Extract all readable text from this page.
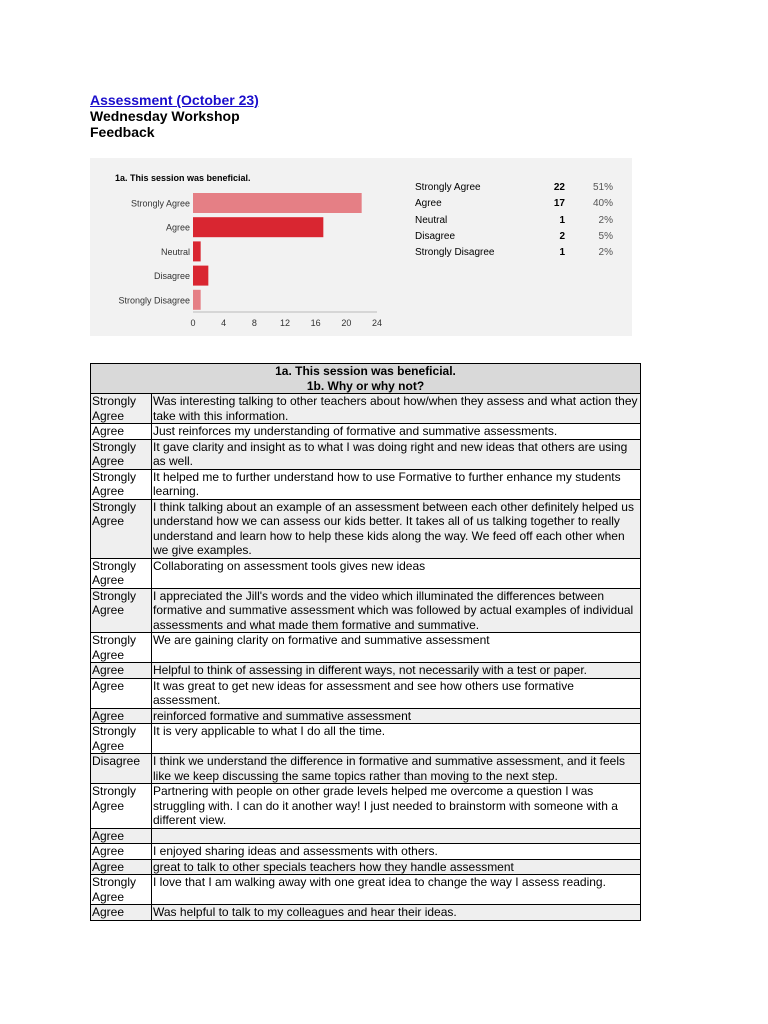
Assessment (October 23)
Wednesday Workshop
Feedback
1a. This session was beneficial.
Strongly Agree
Agree
Neutral
Disagree
Strongly Disagree
0	4	8	12 16 20 24
Strongly Agree	22	51%
Agree	17	40%
Neutral	1	2%
Disagree	2	5%
Strongly Disagree	1	2%
1a. This session was beneficial.
1b. Why or why not?	

Strongly Agree	Was interesting talking to other teachers about how/when they assess and what action they take with this information.
Agree	Just reinforces my understanding of formative and summative assessments.
Strongly Agree	It gave clarity and insight as to what I was doing right and new ideas that others are using as well.
Strongly Agree	It helped me to further understand how to use Formative to further enhance my students learning.
Strongly Agree	I think talking about an example of an assessment between each other definitely helped us understand how we can assess our kids better. It takes all of us talking together to really understand and learn how to help these kids along the way. We feed off each other when we give examples.
Strongly Agree	Collaborating on assessment tools gives new ideas
Strongly Agree	I appreciated the Jill's words and the video which illuminated the differences between formative and summative assessment which was followed by actual examples of individual assessments and what made them formative and summative.
Strongly Agree	We are gaining clarity on formative and summative assessment
Agree	Helpful to think of assessing in different ways, not necessarily with a test or paper.
Agree	It was great to get new ideas for assessment and see how others use formative assessment.
Agree	reinforced formative and summative assessment
Strongly Agree	It is very applicable to what I do all the time.
Disagree	I think we understand the difference in formative and summative assessment, and it feels like we keep discussing the same topics rather than moving to the next step.
Strongly Agree	Partnering with people on other grade levels helped me overcome a question I was struggling with. I can do it another way! I just needed to brainstorm with someone with a different view.
Agree	
Agree	I enjoyed sharing ideas and assessments with others.
Agree	great to talk to other specials teachers how they handle assessment
Strongly Agree	I love that I am walking away with one great idea to change the way I assess reading.
Agree	Was helpful to talk to my colleagues and hear their ideas.
